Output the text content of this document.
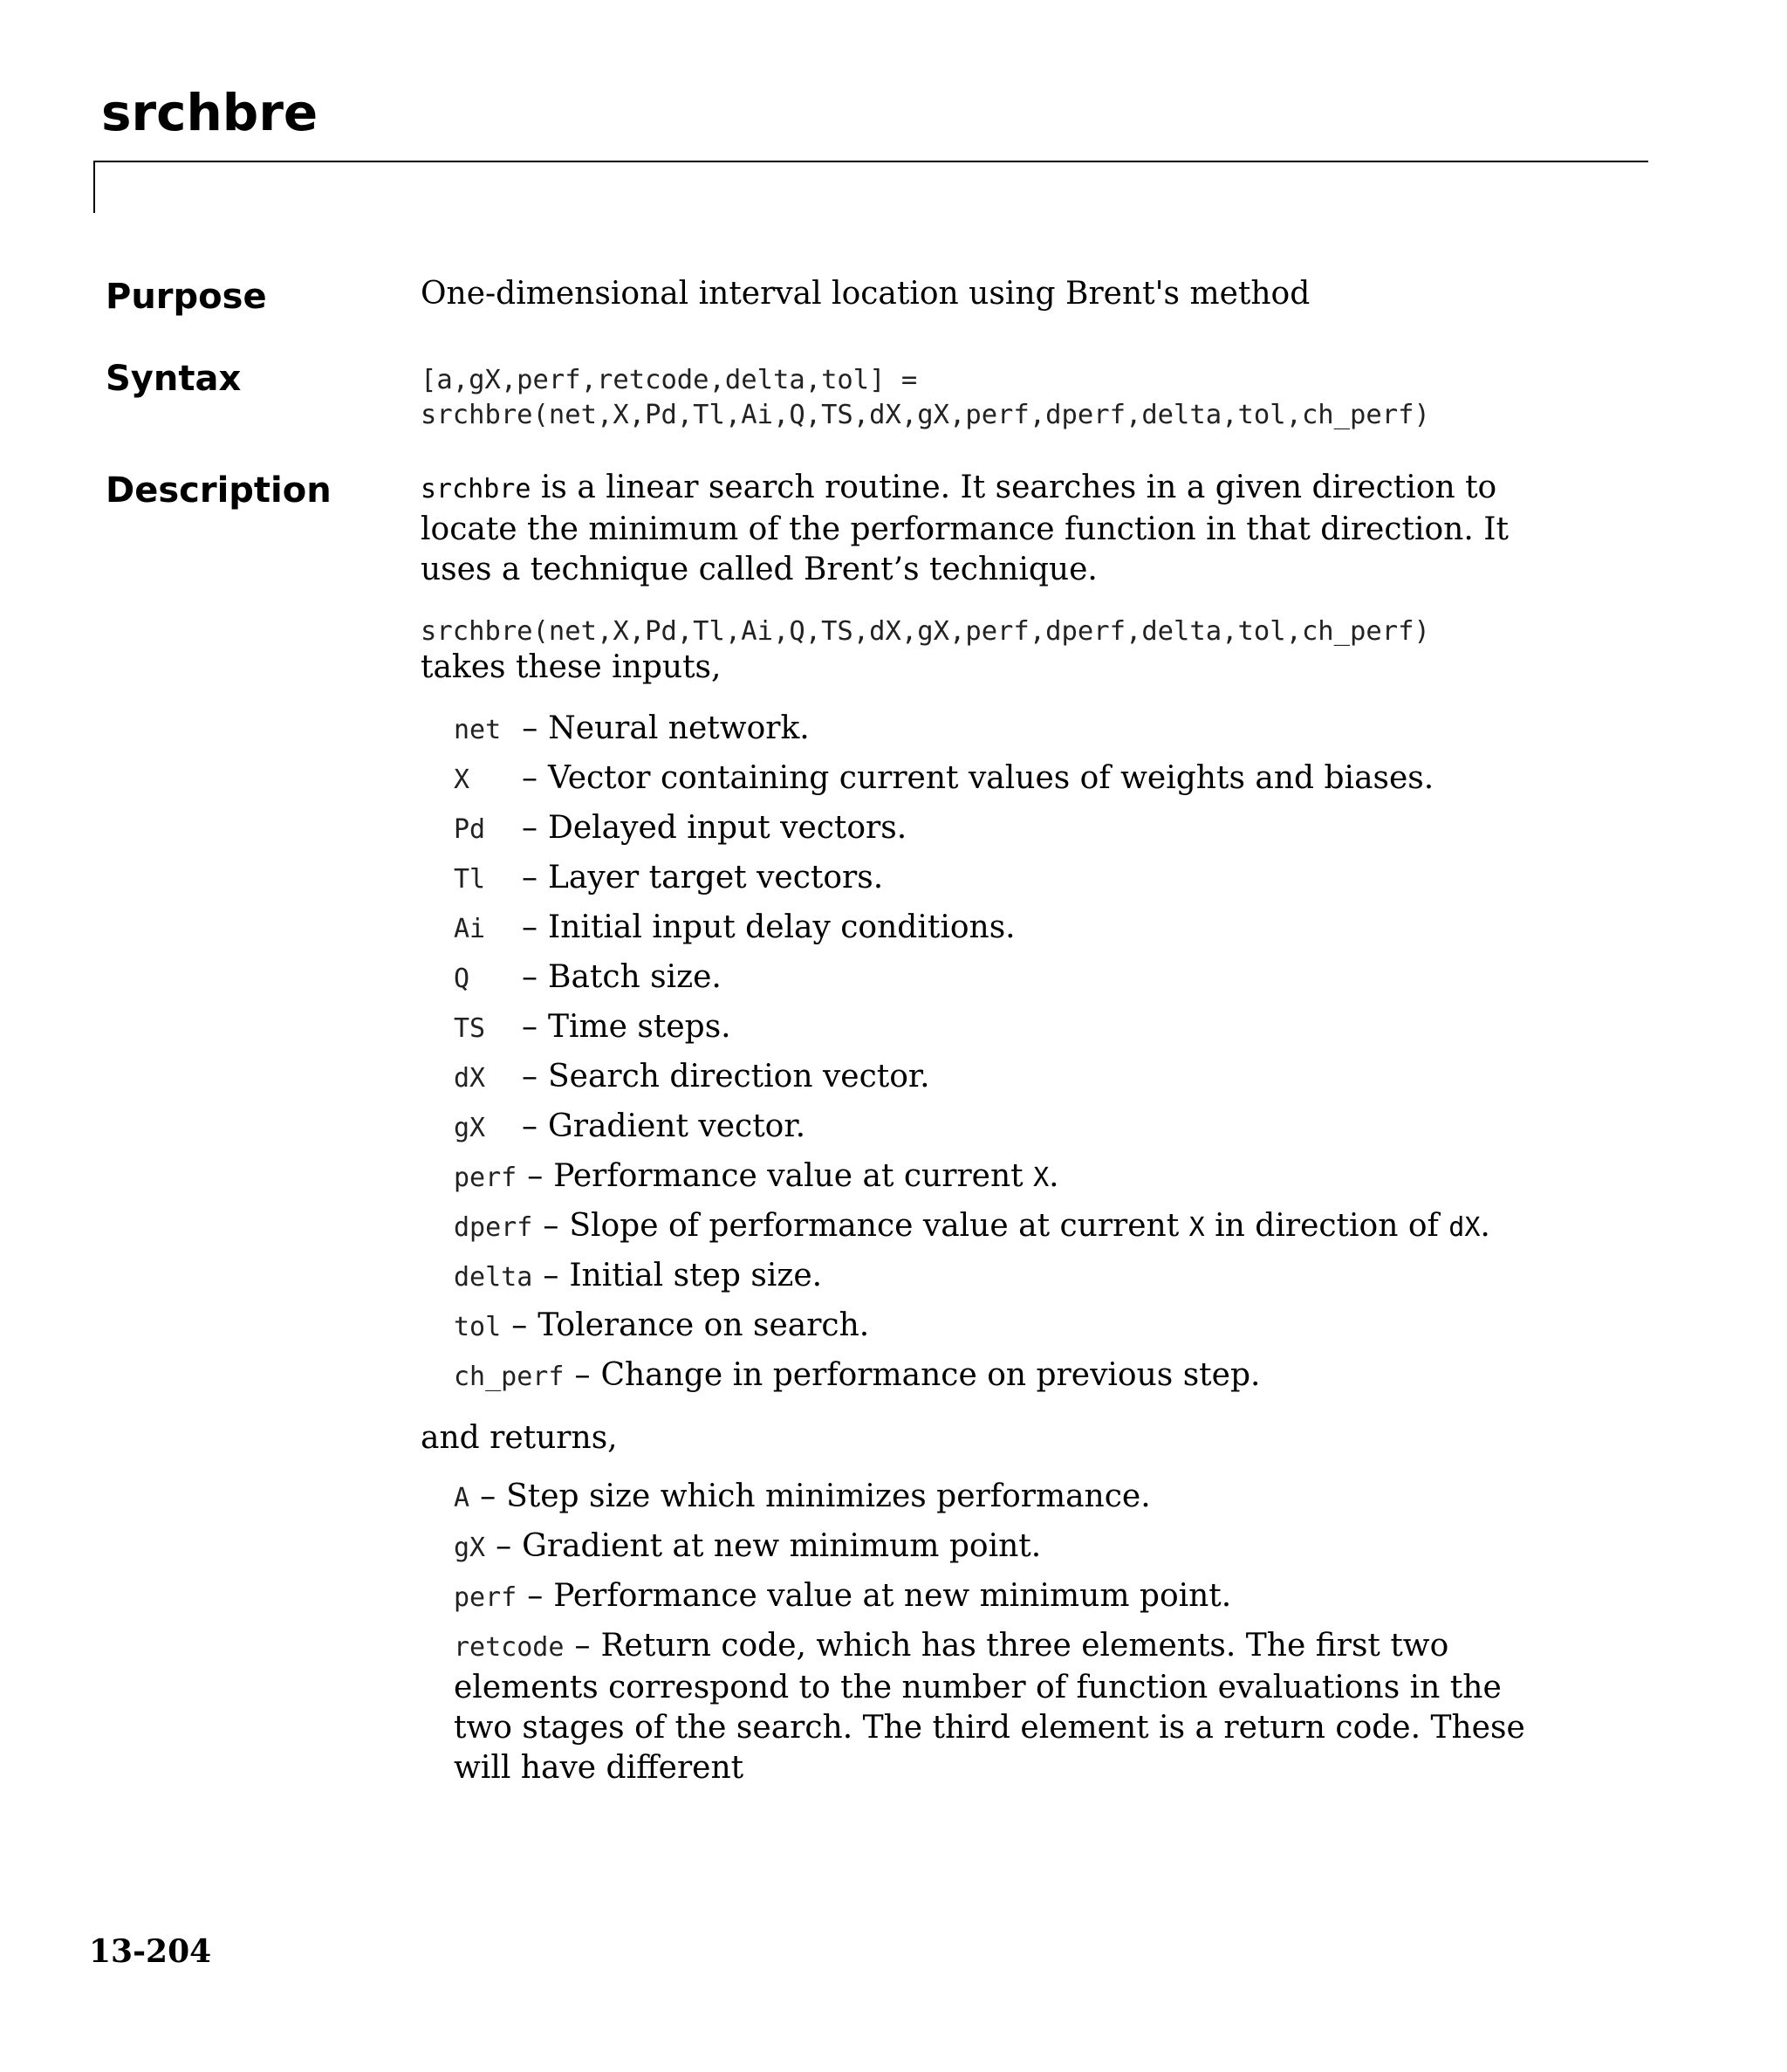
srchbre
Purpose	One-dimensional interval location using Brent's method
Syntax	[a,gX,perf,retcode,delta,tol] =
srchbre(net,X,Pd,Tl,Ai,Q,TS,dX,gX,perf,dperf,delta,tol,ch_perf)
Description	srchbre is a linear search routine. It searches in a given direction to locate the minimum of the performance function in that direction. It uses a technique called Brent’s technique.
srchbre(net,X,Pd,Tl,Ai,Q,TS,dX,gX,perf,dperf,delta,tol,ch_perf)
takes these inputs,
net – Neural network.
X – Vector containing current values of weights and biases.
Pd – Delayed input vectors.
Tl – Layer target vectors.
Ai – Initial input delay conditions.
Q – Batch size.
TS – Time steps.
dX – Search direction vector.
gX – Gradient vector.
perf – Performance value at current X.
dperf – Slope of performance value at current X in direction of dX.
delta – Initial step size.
tol – Tolerance on search.
ch_perf – Change in performance on previous step.
and returns,
A – Step size which minimizes performance.
gX – Gradient at new minimum point.
perf – Performance value at new minimum point.
retcode – Return code, which has three elements. The first two elements correspond to the number of function evaluations in the two stages of the search. The third element is a return code. These will have different
13-204
